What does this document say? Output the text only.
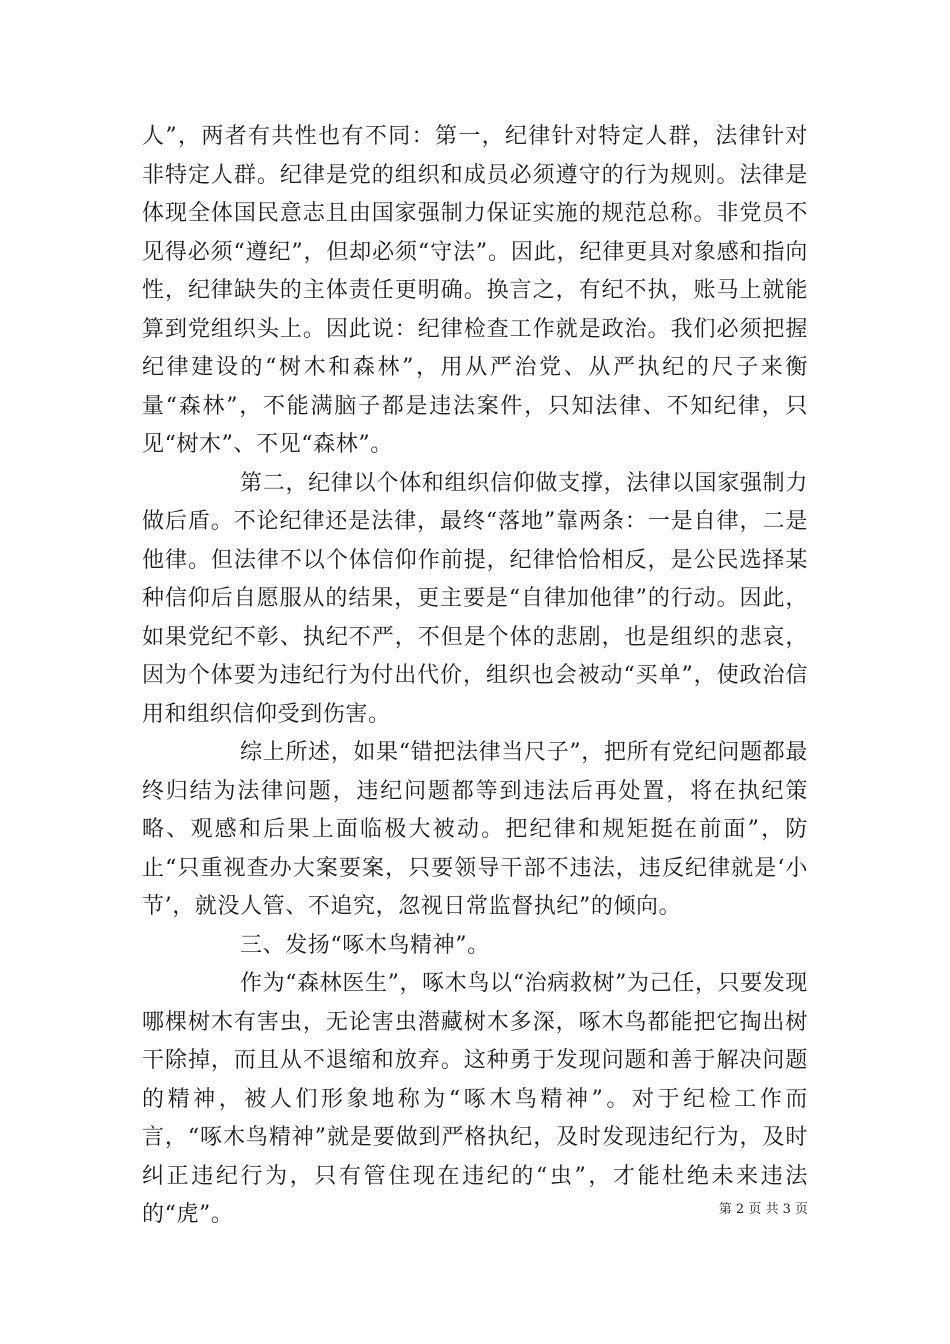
人”，两者有共性也有不同：第一，纪律针对特定人群，法律针对非特定人群。纪律是党的组织和成员必须遵守的行为规则。法律是体现全体国民意志且由国家强制力保证实施的规范总称。非党员不见得必须“遵纪”，但却必须“守法”。因此，纪律更具对象感和指向性，纪律缺失的主体责任更明确。换言之，有纪不执，账马上就能算到党组织头上。因此说：纪律检查工作就是政治。我们必须把握纪律建设的“树木和森林”，用从严治党、从严执纪的尺子来衡量“森林”，不能满脑子都是违法案件，只知法律、不知纪律，只见“树木”、不见“森林”。

第二，纪律以个体和组织信仰做支撑，法律以国家强制力做后盾。不论纪律还是法律，最终“落地”靠两条：一是自律，二是他律。但法律不以个体信仰作前提，纪律恰恰相反，是公民选择某种信仰后自愿服从的结果，更主要是“自律加他律”的行动。因此，如果党纪不彰、执纪不严，不但是个体的悲剧，也是组织的悲哀，因为个体要为违纪行为付出代价，组织也会被动“买单”，使政治信用和组织信仰受到伤害。

综上所述，如果“错把法律当尺子”，把所有党纪问题都最终归结为法律问题，违纪问题都等到违法后再处置，将在执纪策略、观感和后果上面临极大被动。把纪律和规矩挺在前面”，防止“只重视查办大案要案，只要领导干部不违法，违反纪律就是‘小节’，就没人管、不追究，忽视日常监督执纪”的倾向。

三、发扬“啄木鸟精神”。

作为“森林医生”，啄木鸟以“治病救树”为己任，只要发现哪棵树木有害虫，无论害虫潜藏树木多深，啄木鸟都能把它掏出树干除掉，而且从不退缩和放弃。这种勇于发现问题和善于解决问题的精神，被人们形象地称为“啄木鸟精神”。对于纪检工作而言，“啄木鸟精神”就是要做到严格执纪，及时发现违纪行为，及时纠正违纪行为，只有管住现在违纪的“虫”，才能杜绝未来违法的“虎”。	第 2 页 共 3 页
